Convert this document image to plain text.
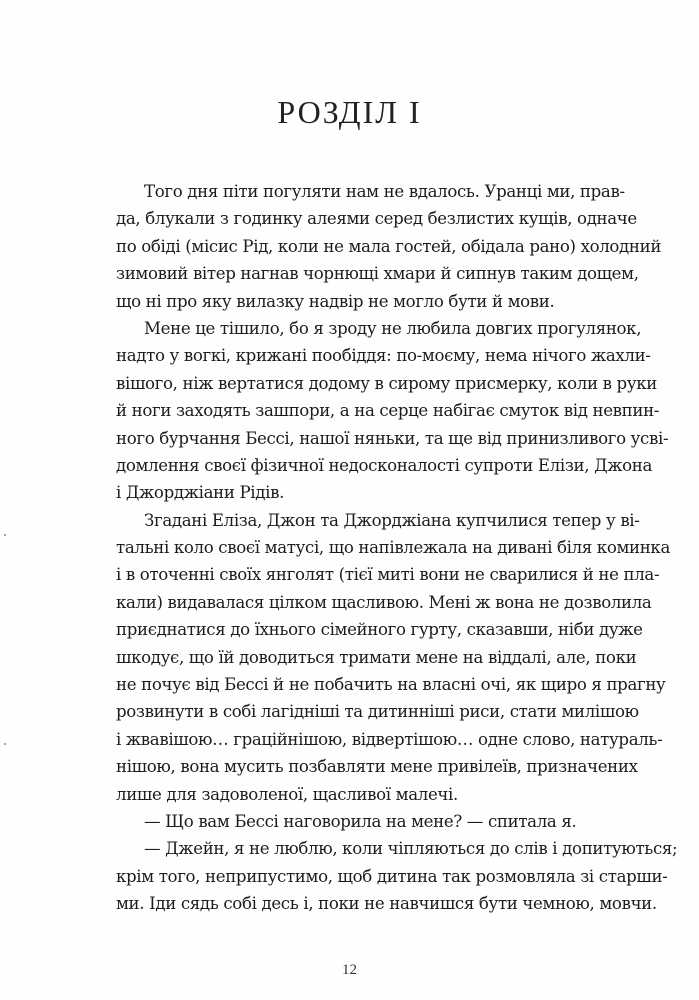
РОЗДІЛ І
Того дня піти погуляти нам не вдалось. Уранці ми, прав-
да, блукали з годинку алеями серед безлистих кущів, одначе
по обіді (місис Рід, коли не мала гостей, обідала рано) холодний
зимовий вітер нагнав чорнющі хмари й сипнув таким дощем,
що ні про яку вилазку надвір не могло бути й мови.
Мене це тішило, бо я зроду не любила довгих прогулянок,
надто у вогкі, крижані пообіддя: по-моєму, нема нічого жахли-
вішого, ніж вертатися додому в сирому присмерку, коли в руки
й ноги заходять зашпори, а на серце набігає смуток від невпин-
ного бурчання Бессі, нашої няньки, та ще від принизливого усві-
домлення своєї фізичної недосконалості супроти Елізи, Джона
і Джорджіани Рідів.
Згадані Еліза, Джон та Джорджіана купчилися тепер у ві-
тальні коло своєї матусі, що напівлежала на дивані біля коминка
і в оточенні своїх янголят (тієї миті вони не сварилися й не пла-
кали) видавалася цілком щасливою. Мені ж вона не дозволила
приєднатися до їхнього сімейного гурту, сказавши, ніби дуже
шкодує, що їй доводиться тримати мене на віддалі, але, поки
не почує від Бессі й не побачить на власні очі, як щиро я прагну
розвинути в собі лагідніші та дитинніші риси, стати милішою
і жвавішою… граційнішою, відвертішою… одне слово, натураль-
нішою, вона мусить позбавляти мене привілеїв, призначених
лише для задоволеної, щасливої малечі.
— Що вам Бессі наговорила на мене? — спитала я.
— Джейн, я не люблю, коли чіпляються до слів і допитуються;
крім того, неприпустимо, щоб дитина так розмовляла зі старши-
ми. Іди сядь собі десь і, поки не навчишся бути чемною, мовчи.
12
